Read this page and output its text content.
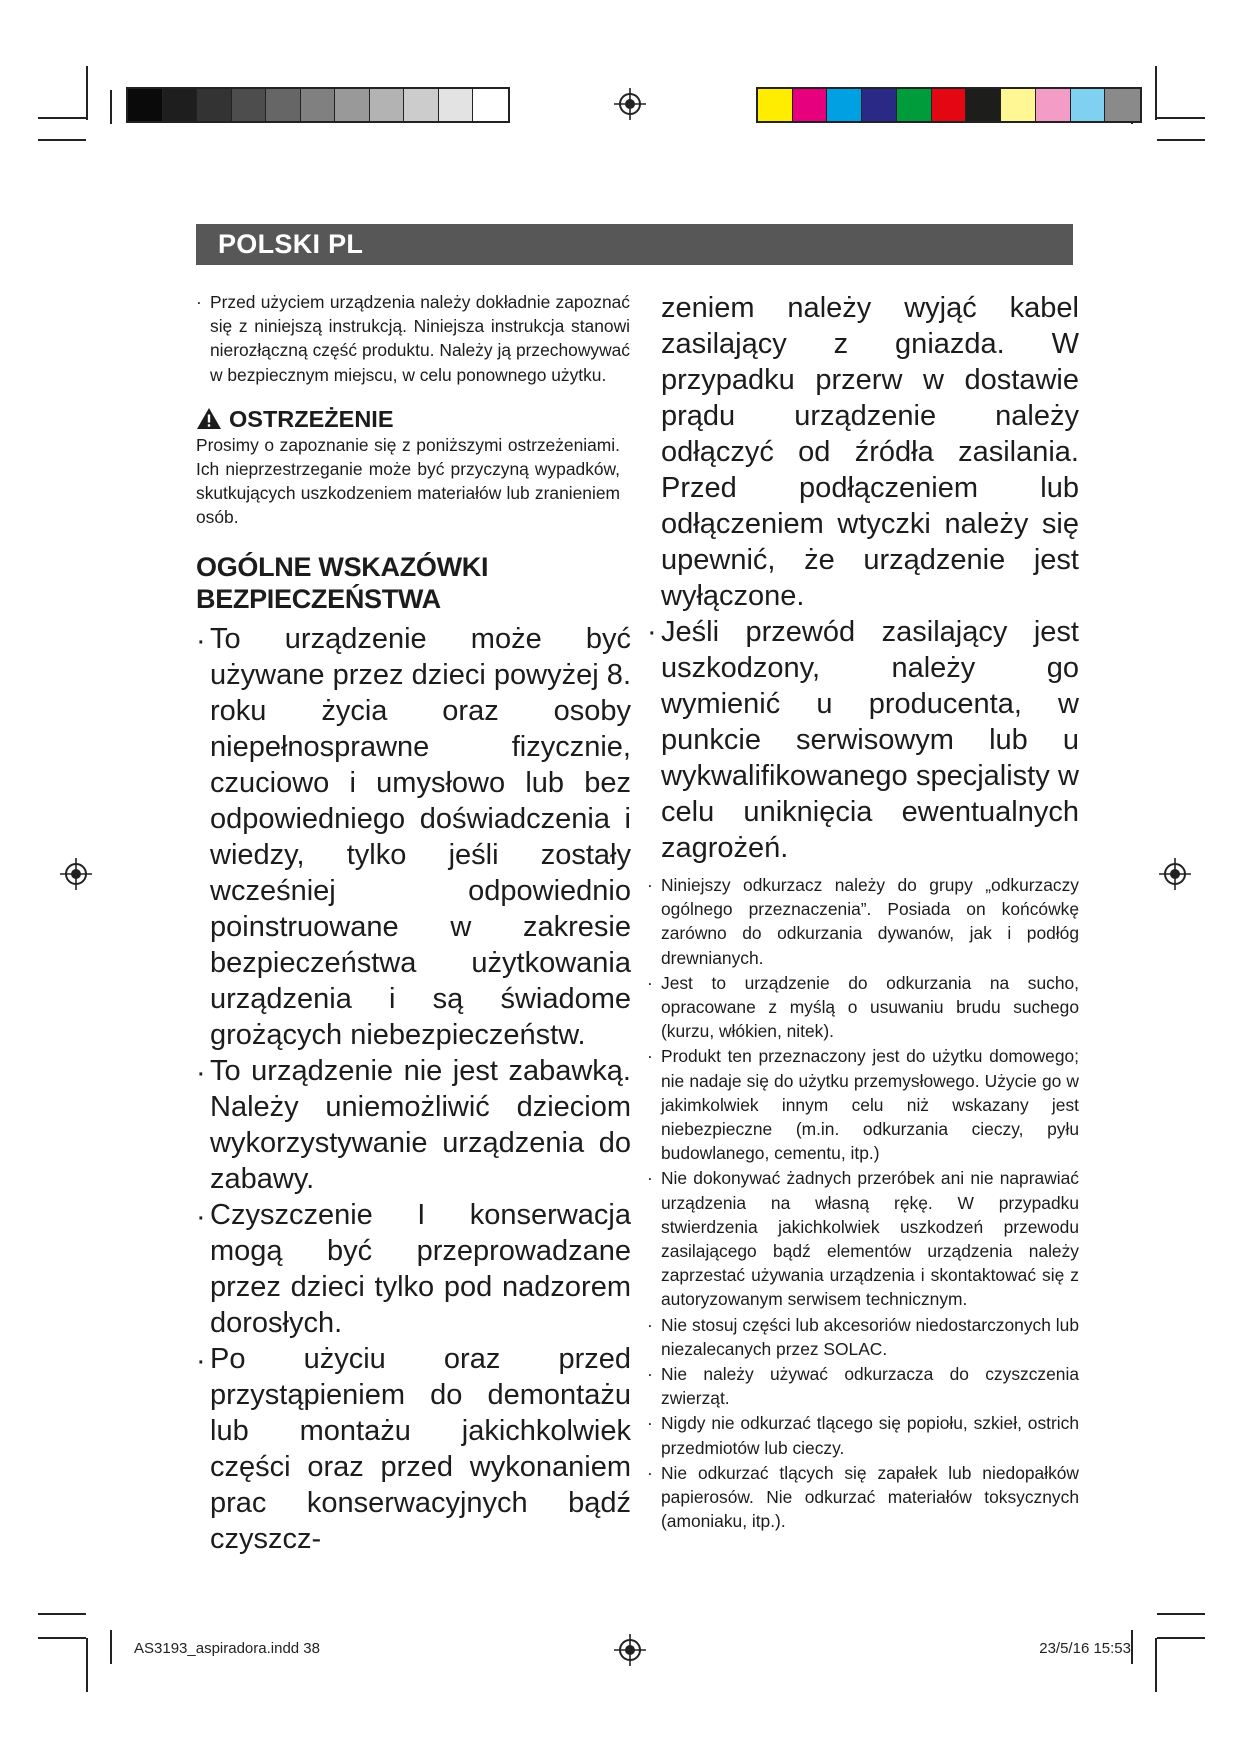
POLSKI PL

· Przed użyciem urządzenia należy dokładnie zapoznać się z niniejszą instrukcją. Niniejsza instrukcja stanowi nierozłączną część produktu. Należy ją przechowywać w bezpiecznym miejscu, w celu ponownego użytku.

OSTRZEŻENIE

Prosimy o zapoznanie się z poniższymi ostrzeżeniami. Ich nieprzestrzeganie może być przyczyną wypadków, skutkujących uszkodzeniem materiałów lub zranieniem osób.

OGÓLNE WSKAZÓWKI BEZPIECZEŃSTWA

· To urządzenie może być używane przez dzieci powyżej 8. roku życia oraz osoby niepełnosprawne fizycznie, czuciowo i umysłowo lub bez odpowiedniego doświadczenia i wiedzy, tylko jeśli zostały wcześniej odpowiednio poinstruowane w zakresie bezpieczeństwa użytkowania urządzenia i są świadome grożących niebezpieczeństw.

· To urządzenie nie jest zabawką. Należy uniemożliwić dzieciom wykorzystywanie urządzenia do zabawy.

· Czyszczenie I konserwacja mogą być przeprowadzane przez dzieci tylko pod nadzorem dorosłych.

· Po użyciu oraz przed przystąpieniem do demontażu lub montażu jakichkolwiek części oraz przed wykonaniem prac konserwacyjnych bądź czyszcz-

zeniem należy wyjąć kabel zasilający z gniazda. W przypadku przerw w dostawie prądu urządzenie należy odłączyć od źródła zasilania. Przed podłączeniem lub odłączeniem wtyczki należy się upewnić, że urządzenie jest wyłączone.

· Jeśli przewód zasilający jest uszkodzony, należy go wymienić u producenta, w punkcie serwisowym lub u wykwalifikowanego specjalisty w celu uniknięcia ewentualnych zagrożeń.

· Niniejszy odkurzacz należy do grupy „odkurzaczy ogólnego przeznaczenia”. Posiada on końcówkę zarówno do odkurzania dywanów, jak i podłóg drewnianych.

· Jest to urządzenie do odkurzania na sucho, opracowane z myślą o usuwaniu brudu suchego (kurzu, włókien, nitek).

· Produkt ten przeznaczony jest do użytku domowego; nie nadaje się do użytku przemysłowego. Użycie go w jakimkolwiek innym celu niż wskazany jest niebezpieczne (m.in. odkurzania cieczy, pyłu budowlanego, cementu, itp.)

· Nie dokonywać żadnych przeróbek ani nie naprawiać urządzenia na własną rękę. W przypadku stwierdzenia jakichkolwiek uszkodzeń przewodu zasilającego bądź elementów urządzenia należy zaprzestać używania urządzenia i skontaktować się z autoryzowanym serwisem technicznym.

· Nie stosuj części lub akcesoriów niedostarczonych lub niezalecanych przez SOLAC.

· Nie należy używać odkurzacza do czyszczenia zwierząt.

· Nigdy nie odkurzać tlącego się popiołu, szkieł, ostrich przedmiotów lub cieczy.

· Nie odkurzać tlących się zapałek lub niedopałków papierosów. Nie odkurzać materiałów toksycznych (amoniaku, itp.).

AS3193_aspiradora.indd 38	23/5/16 15:53
